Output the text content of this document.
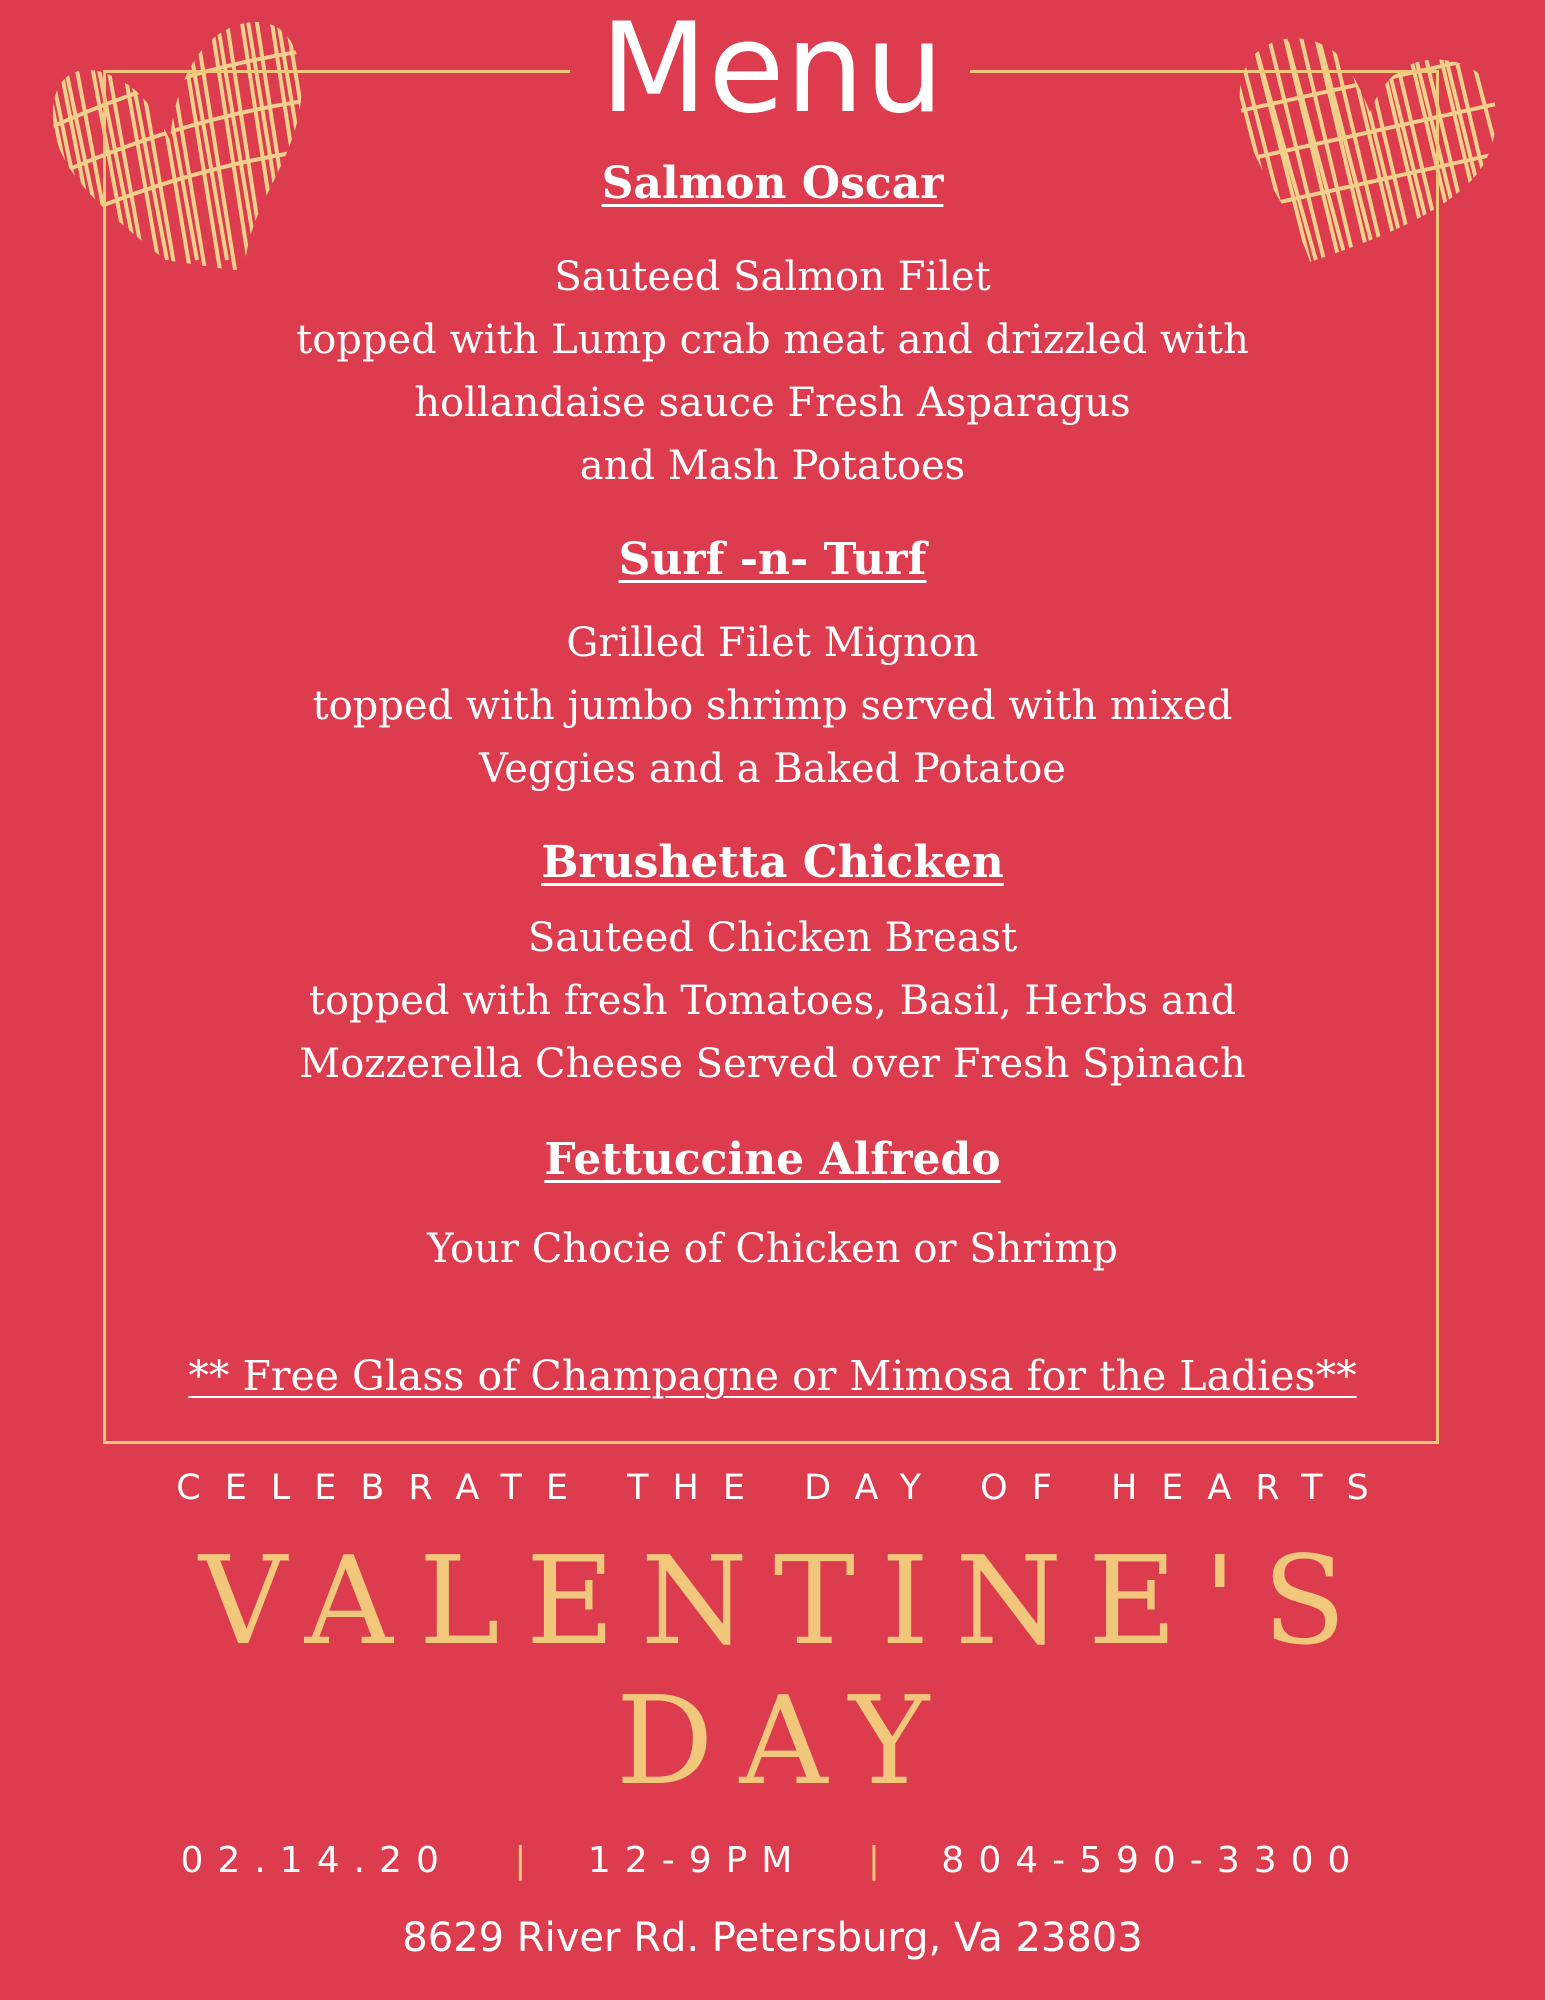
Menu
Salmon Oscar
Sauteed Salmon Filet
topped with Lump crab meat and drizzled with
hollandaise sauce Fresh Asparagus
and Mash Potatoes
Surf -n- Turf
Grilled Filet Mignon
topped with jumbo shrimp served with mixed
Veggies and a Baked Potatoe
Brushetta Chicken
Sauteed Chicken Breast
topped with fresh Tomatoes, Basil, Herbs and
Mozzerella Cheese Served over Fresh Spinach
Fettuccine Alfredo
Your Chocie of Chicken or Shrimp
** Free Glass of Champagne or Mimosa for the Ladies**
CELEBRATE THE DAY OF HEARTS
VALENTINE'S
DAY
02.14.20 | 12-9PM | 804-590-3300
8629 River Rd. Petersburg, Va 23803
